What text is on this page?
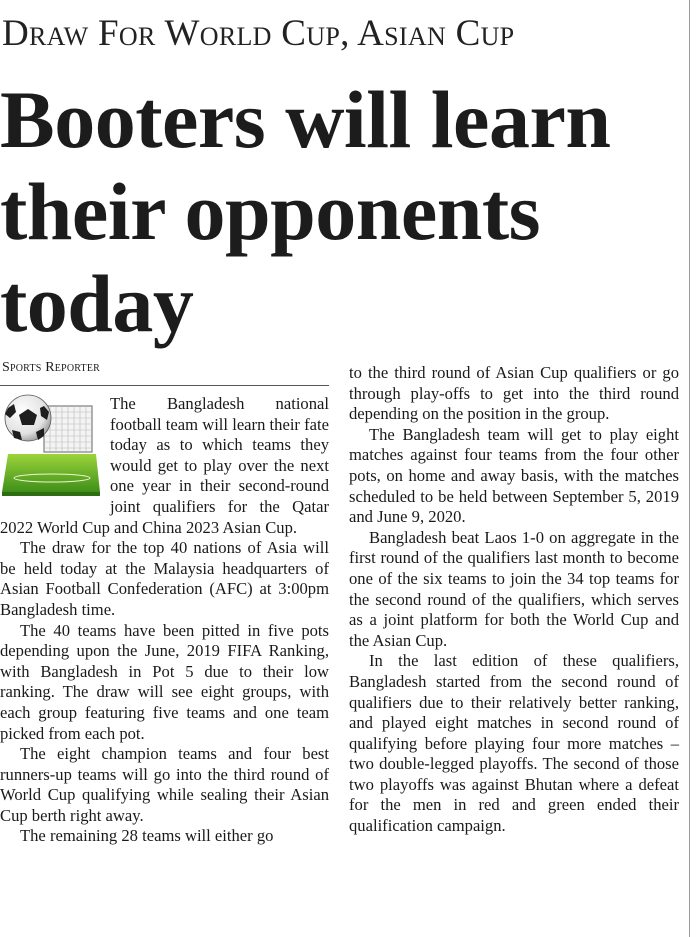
Draw For World Cup, Asian Cup
Booters will learn
their opponents
today
Sports Reporter

The Bangladesh national football team will learn their fate today as to which teams they would get to play over the next one year in their second-round joint qualifiers for the Qatar 2022 World Cup and China 2023 Asian Cup.

The draw for the top 40 nations of Asia will be held today at the Malaysia headquarters of Asian Football Confederation (AFC) at 3:00pm Bangladesh time.

The 40 teams have been pitted in five pots depending upon the June, 2019 FIFA Ranking, with Bangladesh in Pot 5 due to their low ranking. The draw will see eight groups, with each group featuring five teams and one team picked from each pot.

The eight champion teams and four best runners-up teams will go into the third round of World Cup qualifying while sealing their Asian Cup berth right away.

The remaining 28 teams will either go

to the third round of Asian Cup qualifiers or go through play-offs to get into the third round depending on the position in the group.

The Bangladesh team will get to play eight matches against four teams from the four other pots, on home and away basis, with the matches scheduled to be held between September 5, 2019 and June 9, 2020.

Bangladesh beat Laos 1-0 on aggregate in the first round of the qualifiers last month to become one of the six teams to join the 34 top teams for the second round of the qualifiers, which serves as a joint platform for both the World Cup and the Asian Cup.

In the last edition of these qualifiers, Bangladesh started from the second round of qualifiers due to their relatively better ranking, and played eight matches in second round of qualifying before playing four more matches – two double-legged playoffs. The second of those two playoffs was against Bhutan where a defeat for the men in red and green ended their qualification campaign.
